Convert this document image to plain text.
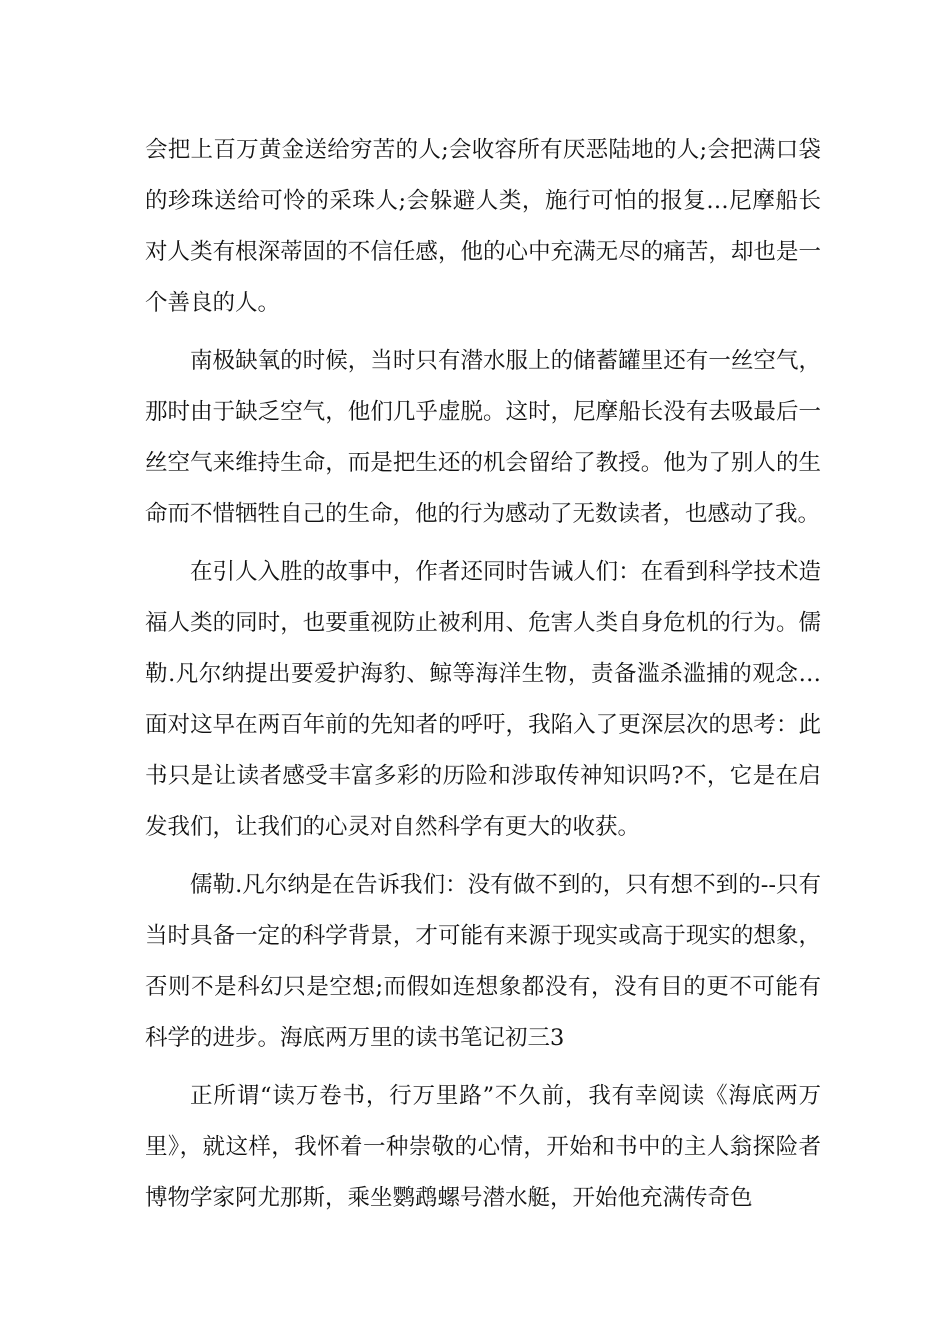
会把上百万黄金送给穷苦的人;会收容所有厌恶陆地的人;会把满口袋的珍珠送给可怜的采珠人;会躲避人类，施行可怕的报复…尼摩船长对人类有根深蒂固的不信任感，他的心中充满无尽的痛苦，却也是一个善良的人。

南极缺氧的时候，当时只有潜水服上的储蓄罐里还有一丝空气，那时由于缺乏空气，他们几乎虚脱。这时，尼摩船长没有去吸最后一丝空气来维持生命，而是把生还的机会留给了教授。他为了别人的生命而不惜牺牲自己的生命，他的行为感动了无数读者，也感动了我。

在引人入胜的故事中，作者还同时告诫人们：在看到科学技术造福人类的同时，也要重视防止被利用、危害人类自身危机的行为。儒勒.凡尔纳提出要爱护海豹、鲸等海洋生物，责备滥杀滥捕的观念…面对这早在两百年前的先知者的呼吁，我陷入了更深层次的思考：此书只是让读者感受丰富多彩的历险和涉取传神知识吗?不，它是在启发我们，让我们的心灵对自然科学有更大的收获。

儒勒.凡尔纳是在告诉我们：没有做不到的，只有想不到的--只有当时具备一定的科学背景，才可能有来源于现实或高于现实的想象，否则不是科幻只是空想;而假如连想象都没有，没有目的更不可能有科学的进步。海底两万里的读书笔记初三3

正所谓“读万卷书，行万里路”不久前，我有幸阅读《海底两万里》，就这样，我怀着一种崇敬的心情，开始和书中的主人翁探险者博物学家阿尤那斯，乘坐鹦鹉螺号潜水艇，开始他充满传奇色
